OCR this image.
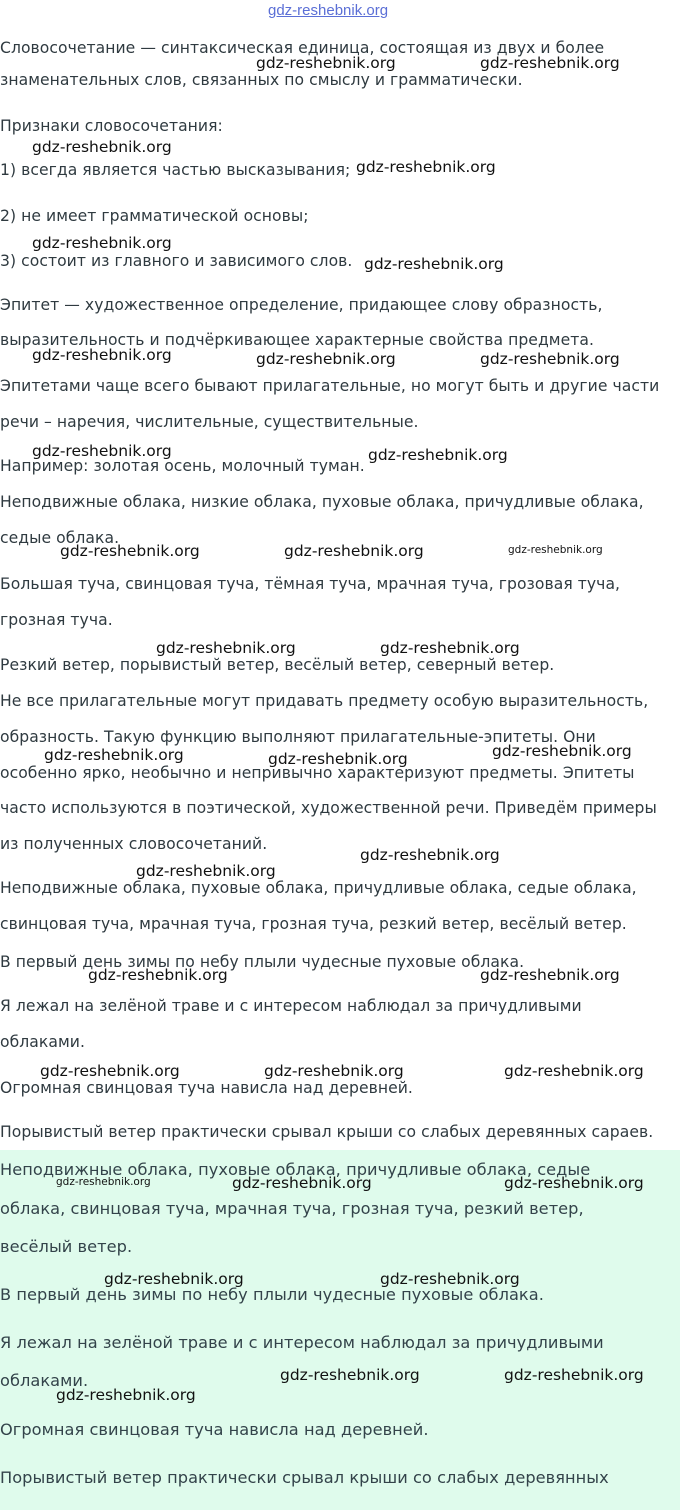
gdz-reshebnik.org
Словосочетание — синтаксическая единица, состоящая из двух и более
знаменательных слов, связанных по смыслу и грамматически.
Признаки словосочетания:
1) всегда является частью высказывания;
2) не имеет грамматической основы;
3) состоит из главного и зависимого слов.
Эпитет — художественное определение, придающее слову образность,
выразительность и подчёркивающее характерные свойства предмета.
Эпитетами чаще всего бывают прилагательные, но могут быть и другие части
речи – наречия, числительные, существительные.
Например: золотая осень, молочный туман.
Неподвижные облака, низкие облака, пуховые облака, причудливые облака,
седые облака.
Большая туча, свинцовая туча, тёмная туча, мрачная туча, грозовая туча,
грозная туча.
Резкий ветер, порывистый ветер, весёлый ветер, северный ветер.
Не все прилагательные могут придавать предмету особую выразительность,
образность. Такую функцию выполняют прилагательные-эпитеты. Они
особенно ярко, необычно и непривычно характеризуют предметы. Эпитеты
часто используются в поэтической, художественной речи. Приведём примеры
из полученных словосочетаний.
Неподвижные облака, пуховые облака, причудливые облака, седые облака,
свинцовая туча, мрачная туча, грозная туча, резкий ветер, весёлый ветер.
В первый день зимы по небу плыли чудесные пуховые облака.
Я лежал на зелёной траве и с интересом наблюдал за причудливыми
облаками.
Огромная свинцовая туча нависла над деревней.
Порывистый ветер практически срывал крыши со слабых деревянных сараев.
Неподвижные облака, пуховые облака, причудливые облака, седые
облака, свинцовая туча, мрачная туча, грозная туча, резкий ветер,
весёлый ветер.
В первый день зимы по небу плыли чудесные пуховые облака.
Я лежал на зелёной траве и с интересом наблюдал за причудливыми
облаками.
Огромная свинцовая туча нависла над деревней.
Порывистый ветер практически срывал крыши со слабых деревянных
gdz-reshebnik.org	gdz-reshebnik.org
gdz-reshebnik.org
gdz-reshebnik.org
gdz-reshebnik.org
gdz-reshebnik.org
gdz-reshebnik.org	gdz-reshebnik.org	gdz-reshebnik.org
gdz-reshebnik.org	gdz-reshebnik.org
gdz-reshebnik.org	gdz-reshebnik.org	gdz-reshebnik.org
gdz-reshebnik.org	gdz-reshebnik.org
gdz-reshebnik.org	gdz-reshebnik.org	gdz-reshebnik.org
gdz-reshebnik.org
gdz-reshebnik.org
gdz-reshebnik.org	gdz-reshebnik.org
gdz-reshebnik.org	gdz-reshebnik.org	gdz-reshebnik.org
gdz-reshebnik.org	gdz-reshebnik.org	gdz-reshebnik.org
gdz-reshebnik.org	gdz-reshebnik.org
gdz-reshebnik.org	gdz-reshebnik.org
gdz-reshebnik.org
